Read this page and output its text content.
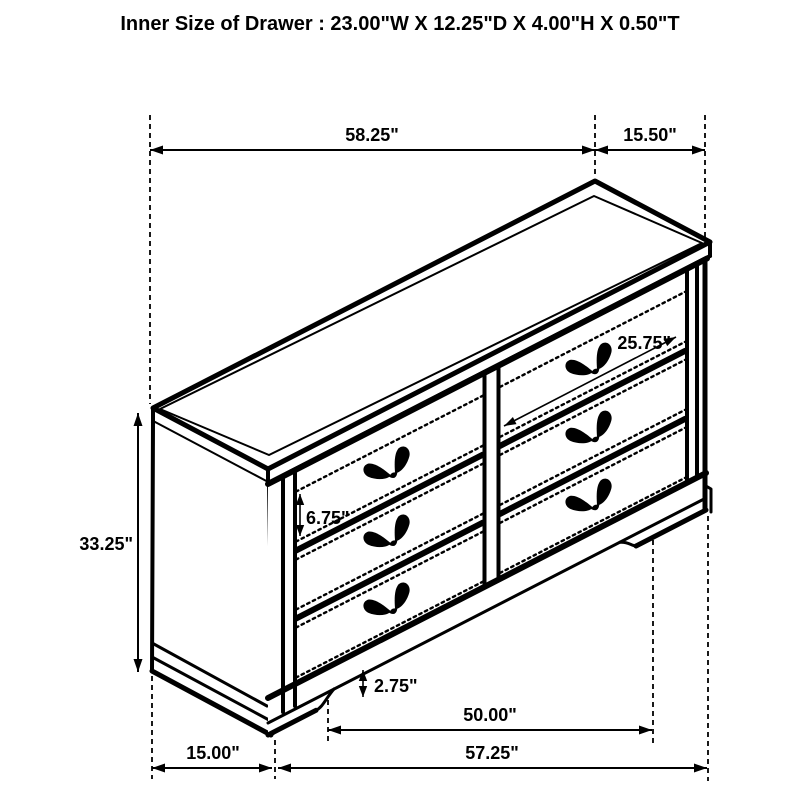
Inner Size of Drawer : 23.00"W X 12.25"D X 4.00"H X 0.50"T
58.25"	15.50"
33.25"
6.75"
25.75"
2.75"
50.00"
15.00"	57.25"
